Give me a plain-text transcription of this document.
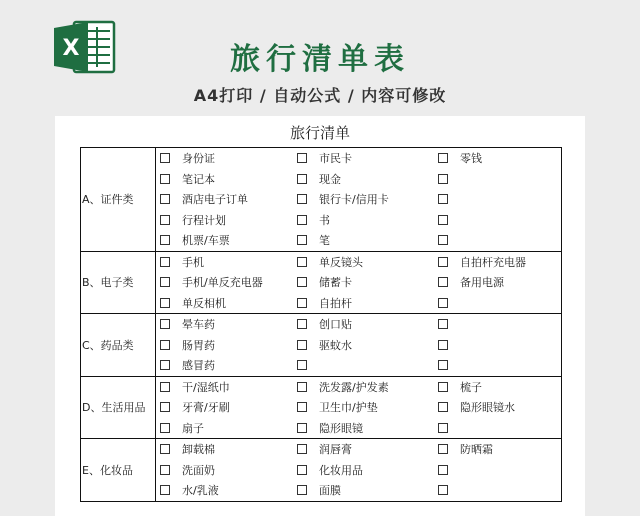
X	旅行清单表
A4打印 / 自动公式 / 内容可修改
旅行清单
A、证件类
身份证	市民卡	零钱
笔记本	现金
酒店电子订单	银行卡/信用卡
行程计划	书
机票/车票	笔
B、电子类
手机	单反镜头	自拍杆充电器
手机/单反充电器	储蓄卡	备用电源
单反相机	自拍杆
C、药品类
晕车药	创口贴
肠胃药	驱蚊水
感冒药
D、生活用品
干/湿纸巾	洗发露/护发素	梳子
牙膏/牙刷	卫生巾/护垫	隐形眼镜水
扇子	隐形眼镜
E、化妆品
卸载棉	润唇膏	防晒霜
洗面奶	化妆用品
水/乳液	面膜
